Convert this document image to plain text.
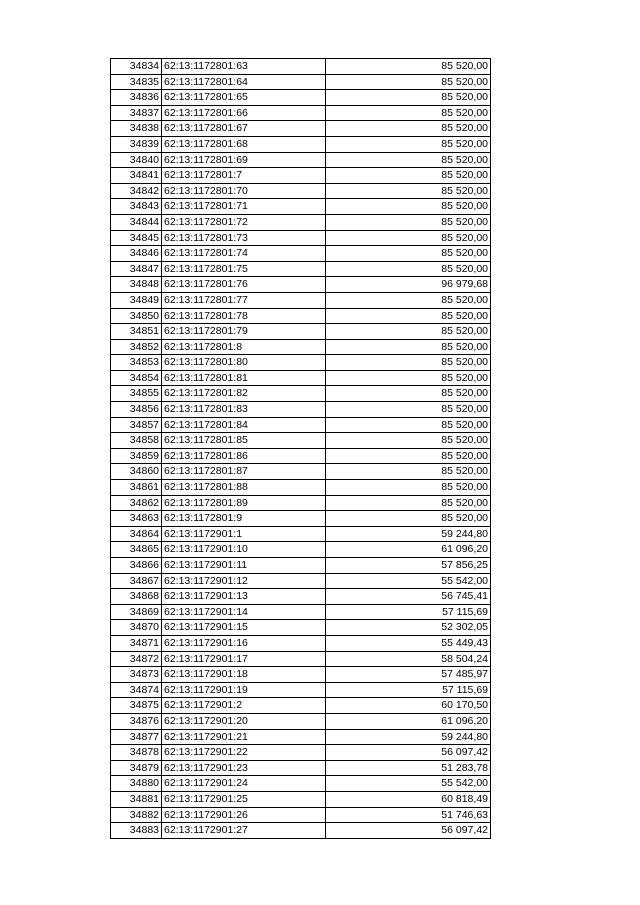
34834	62:13:1172801:63	85 520,00
34835	62:13:1172801:64	85 520,00
34836	62:13:1172801:65	85 520,00
34837	62:13:1172801:66	85 520,00
34838	62:13:1172801:67	85 520,00
34839	62:13:1172801:68	85 520,00
34840	62:13:1172801:69	85 520,00
34841	62:13:1172801:7	85 520,00
34842	62:13:1172801:70	85 520,00
34843	62:13:1172801:71	85 520,00
34844	62:13:1172801:72	85 520,00
34845	62:13:1172801:73	85 520,00
34846	62:13:1172801:74	85 520,00
34847	62:13:1172801:75	85 520,00
34848	62:13:1172801:76	96 979,68
34849	62:13:1172801:77	85 520,00
34850	62:13:1172801:78	85 520,00
34851	62:13:1172801:79	85 520,00
34852	62:13:1172801:8	85 520,00
34853	62:13:1172801:80	85 520,00
34854	62:13:1172801:81	85 520,00
34855	62:13:1172801:82	85 520,00
34856	62:13:1172801:83	85 520,00
34857	62:13:1172801:84	85 520,00
34858	62:13:1172801:85	85 520,00
34859	62:13:1172801:86	85 520,00
34860	62:13:1172801:87	85 520,00
34861	62:13:1172801:88	85 520,00
34862	62:13:1172801:89	85 520,00
34863	62:13:1172801:9	85 520,00
34864	62:13:1172901:1	59 244,80
34865	62:13:1172901:10	61 096,20
34866	62:13:1172901:11	57 856,25
34867	62:13:1172901:12	55 542,00
34868	62:13:1172901:13	56 745,41
34869	62:13:1172901:14	57 115,69
34870	62:13:1172901:15	52 302,05
34871	62:13:1172901:16	55 449,43
34872	62:13:1172901:17	58 504,24
34873	62:13:1172901:18	57 485,97
34874	62:13:1172901:19	57 115,69
34875	62:13:1172901:2	60 170,50
34876	62:13:1172901:20	61 096,20
34877	62:13:1172901:21	59 244,80
34878	62:13:1172901:22	56 097,42
34879	62:13:1172901:23	51 283,78
34880	62:13:1172901:24	55 542,00
34881	62:13:1172901:25	60 818,49
34882	62:13:1172901:26	51 746,63
34883	62:13:1172901:27	56 097,42
